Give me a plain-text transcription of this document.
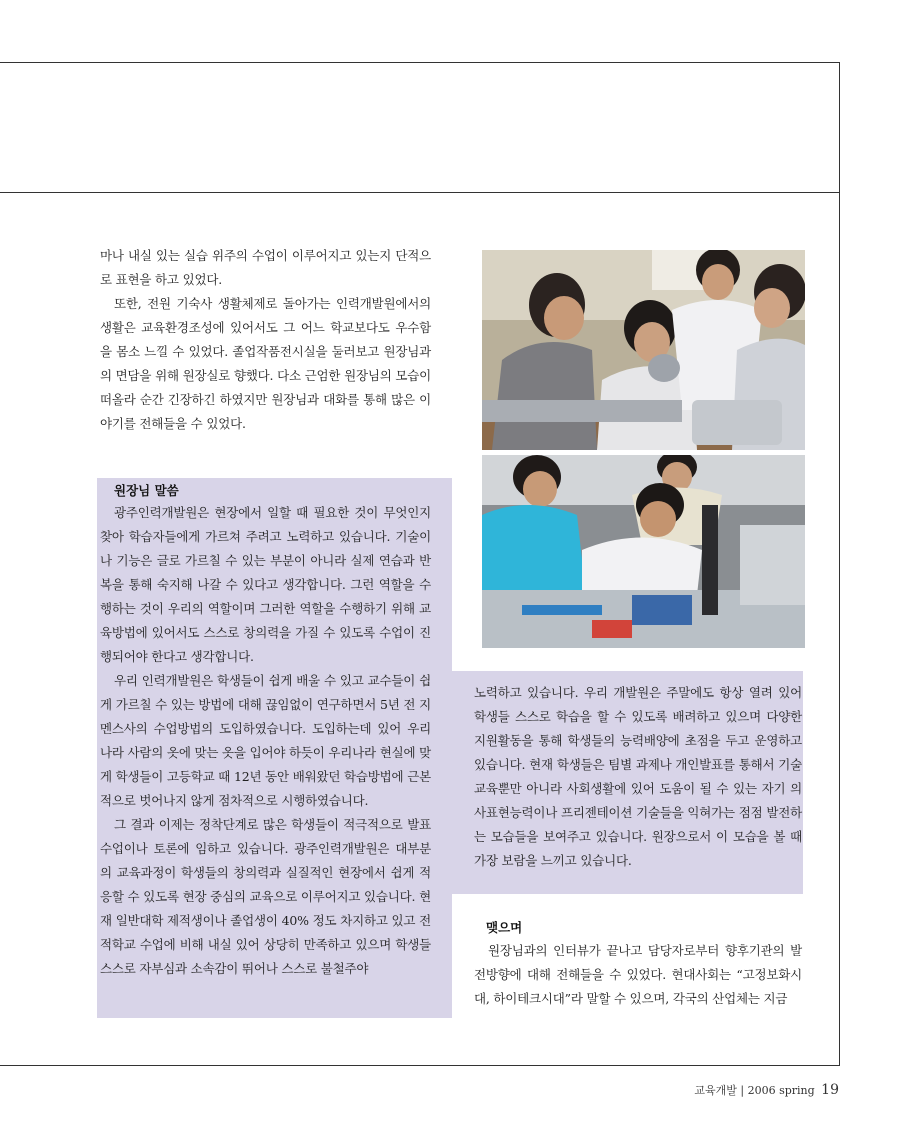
마나 내실 있는 실습 위주의 수업이 이루어지고 있는지 단적으로 표현을 하고 있었다.

또한, 전원 기숙사 생활체제로 돌아가는 인력개발원에서의 생활은 교육환경조성에 있어서도 그 어느 학교보다도 우수함을 몸소 느낄 수 있었다. 졸업작품전시실을 둘러보고 원장님과의 면담을 위해 원장실로 향했다. 다소 근엄한 원장님의 모습이 떠올라 순간 긴장하긴 하였지만 원장님과 대화를 통해 많은 이야기를 전해들을 수 있었다.

원장님 말씀

광주인력개발원은 현장에서 일할 때 필요한 것이 무엇인지 찾아 학습자들에게 가르쳐 주려고 노력하고 있습니다. 기술이나 기능은 글로 가르칠 수 있는 부분이 아니라 실제 연습과 반복을 통해 숙지해 나갈 수 있다고 생각합니다. 그런 역할을 수행하는 것이 우리의 역할이며 그러한 역할을 수행하기 위해 교육방법에 있어서도 스스로 창의력을 가질 수 있도록 수업이 진행되어야 한다고 생각합니다.

우리 인력개발원은 학생들이 쉽게 배울 수 있고 교수들이 쉽게 가르칠 수 있는 방법에 대해 끊임없이 연구하면서 5년 전 지멘스사의 수업방법의 도입하였습니다. 도입하는데 있어 우리나라 사람의 옷에 맞는 옷을 입어야 하듯이 우리나라 현실에 맞게 학생들이 고등학교 때 12년 동안 배워왔던 학습방법에 근본적으로 벗어나지 않게 점차적으로 시행하였습니다.

그 결과 이제는 정착단계로 많은 학생들이 적극적으로 발표수업이나 토론에 임하고 있습니다. 광주인력개발원은 대부분의 교육과정이 학생들의 창의력과 실질적인 현장에서 쉽게 적응할 수 있도록 현장 중심의 교육으로 이루어지고 있습니다. 현재 일반대학 제적생이나 졸업생이 40% 정도 차지하고 있고 전적학교 수업에 비해 내실 있어 상당히 만족하고 있으며 학생들 스스로 자부심과 소속감이 뛰어나 스스로 불철주야

노력하고 있습니다. 우리 개발원은 주말에도 항상 열려 있어 학생들 스스로 학습을 할 수 있도록 배려하고 있으며 다양한 지원활동을 통해 학생들의 능력배양에 초점을 두고 운영하고 있습니다. 현재 학생들은 팀별 과제나 개인발표를 통해서 기술교육뿐만 아니라 사회생활에 있어 도움이 될 수 있는 자기 의사표현능력이나 프리젠테이션 기술들을 익혀가는 점점 발전하는 모습들을 보여주고 있습니다. 원장으로서 이 모습을 볼 때 가장 보람을 느끼고 있습니다.

맺으며

원장님과의 인터뷰가 끝나고 담당자로부터 향후기관의 발전방향에 대해 전해들을 수 있었다. 현대사회는 “고정보화시대, 하이테크시대”라 말할 수 있으며, 각국의 산업체는 지금

교육개발 | 2006 spring 19
